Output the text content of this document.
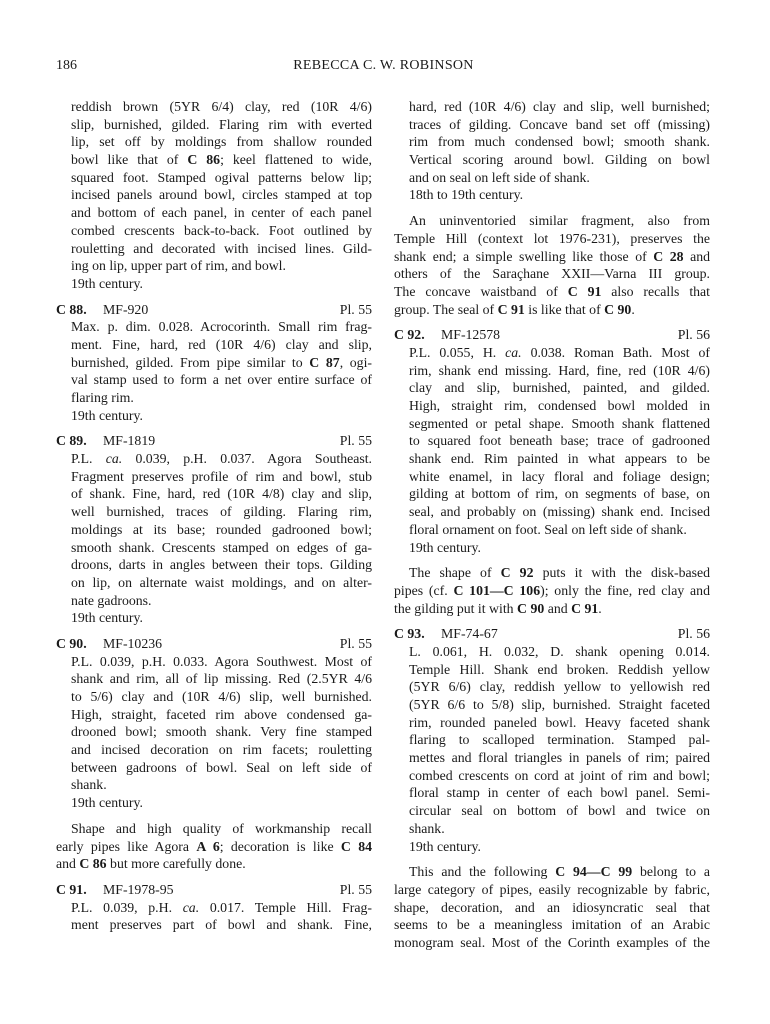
186	REBECCA C. W. ROBINSON
reddish brown (5YR 6/4) clay, red (10R 4/6)
slip, burnished, gilded. Flaring rim with everted
lip, set off by moldings from shallow rounded
bowl like that of C 86; keel flattened to wide,
squared foot. Stamped ogival patterns below lip;
incised panels around bowl, circles stamped at top
and bottom of each panel, in center of each panel
combed crescents back-to-back. Foot outlined by
rouletting and decorated with incised lines. Gild-
ing on lip, upper part of rim, and bowl.
19th century.
C 88. MF-920	Pl. 55
Max. p. dim. 0.028. Acrocorinth. Small rim frag-
ment. Fine, hard, red (10R 4/6) clay and slip,
burnished, gilded. From pipe similar to C 87, ogi-
val stamp used to form a net over entire surface of
flaring rim.
19th century.
C 89. MF-1819	Pl. 55
P.L. ca. 0.039, p.H. 0.037. Agora Southeast.
Fragment preserves profile of rim and bowl, stub
of shank. Fine, hard, red (10R 4/8) clay and slip,
well burnished, traces of gilding. Flaring rim,
moldings at its base; rounded gadrooned bowl;
smooth shank. Crescents stamped on edges of ga-
droons, darts in angles between their tops. Gilding
on lip, on alternate waist moldings, and on alter-
nate gadroons.
19th century.
C 90. MF-10236	Pl. 55
P.L. 0.039, p.H. 0.033. Agora Southwest. Most of
shank and rim, all of lip missing. Red (2.5YR 4/6
to 5/6) clay and (10R 4/6) slip, well burnished.
High, straight, faceted rim above condensed ga-
drooned bowl; smooth shank. Very fine stamped
and incised decoration on rim facets; rouletting
between gadroons of bowl. Seal on left side of
shank.
19th century.
Shape and high quality of workmanship recall
early pipes like Agora A 6; decoration is like C 84
and C 86 but more carefully done.
C 91. MF-1978-95	Pl. 55
P.L. 0.039, p.H. ca. 0.017. Temple Hill. Frag-
ment preserves part of bowl and shank. Fine,
hard, red (10R 4/6) clay and slip, well burnished;
traces of gilding. Concave band set off (missing)
rim from much condensed bowl; smooth shank.
Vertical scoring around bowl. Gilding on bowl
and on seal on left side of shank.
18th to 19th century.
An uninventoried similar fragment, also from
Temple Hill (context lot 1976-231), preserves the
shank end; a simple swelling like those of C 28 and
others of the Saraçhane XXII—Varna III group.
The concave waistband of C 91 also recalls that
group. The seal of C 91 is like that of C 90.
C 92. MF-12578	Pl. 56
P.L. 0.055, H. ca. 0.038. Roman Bath. Most of
rim, shank end missing. Hard, fine, red (10R 4/6)
clay and slip, burnished, painted, and gilded.
High, straight rim, condensed bowl molded in
segmented or petal shape. Smooth shank flattened
to squared foot beneath base; trace of gadrooned
shank end. Rim painted in what appears to be
white enamel, in lacy floral and foliage design;
gilding at bottom of rim, on segments of base, on
seal, and probably on (missing) shank end. Incised
floral ornament on foot. Seal on left side of shank.
19th century.
The shape of C 92 puts it with the disk-based
pipes (cf. C 101—C 106); only the fine, red clay and
the gilding put it with C 90 and C 91.
C 93. MF-74-67	Pl. 56
L. 0.061, H. 0.032, D. shank opening 0.014.
Temple Hill. Shank end broken. Reddish yellow
(5YR 6/6) clay, reddish yellow to yellowish red
(5YR 6/6 to 5/8) slip, burnished. Straight faceted
rim, rounded paneled bowl. Heavy faceted shank
flaring to scalloped termination. Stamped pal-
mettes and floral triangles in panels of rim; paired
combed crescents on cord at joint of rim and bowl;
floral stamp in center of each bowl panel. Semi-
circular seal on bottom of bowl and twice on
shank.
19th century.
This and the following C 94—C 99 belong to a
large category of pipes, easily recognizable by fabric,
shape, decoration, and an idiosyncratic seal that
seems to be a meaningless imitation of an Arabic
monogram seal. Most of the Corinth examples of the
